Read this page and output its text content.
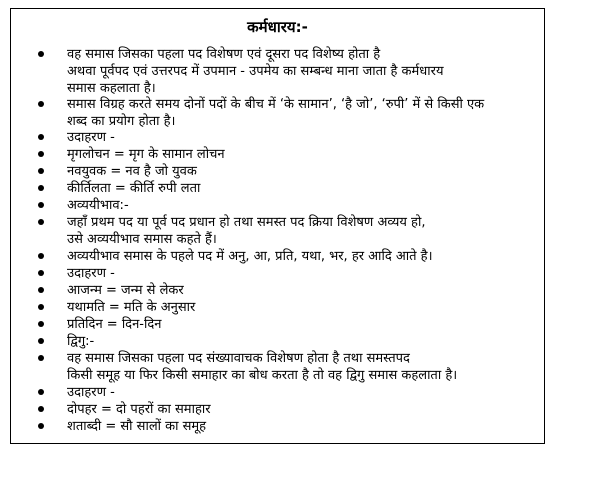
कर्मधारय:-
वह समास जिसका पहला पद विशेषण एवं दूसरा पद विशेष्य होता है
अथवा पूर्वपद एवं उत्तरपद में उपमान - उपमेय का सम्बन्ध माना जाता है कर्मधारय
समास कहलाता है।
समास विग्रह करते समय दोनों पदों के बीच में ‘के सामान’, ‘है जो’, ‘रुपी’ में से किसी एक
शब्द का प्रयोग होता है।
उदाहरण -
मृगलोचन = मृग के सामान लोचन
नवयुवक = नव है जो युवक
कीर्तिलता = कीर्ति रुपी लता
अव्ययीभाव:-
जहाँ प्रथम पद या पूर्व पद प्रधान हो तथा समस्त पद क्रिया विशेषण अव्यय हो,
उसे अव्ययीभाव समास कहते हैं।
अव्ययीभाव समास के पहले पद में अनु, आ, प्रति, यथा, भर, हर आदि आते है।
उदाहरण -
आजन्म = जन्म से लेकर
यथामति = मति के अनुसार
प्रतिदिन = दिन-दिन
द्विगु:-
वह समास जिसका पहला पद संख्यावाचक विशेषण होता है तथा समस्तपद
किसी समूह या फिर किसी समाहार का बोध करता है तो वह द्विगु समास कहलाता है।
उदाहरण -
दोपहर = दो पहरों का समाहार
शताब्दी = सौ सालों का समूह
